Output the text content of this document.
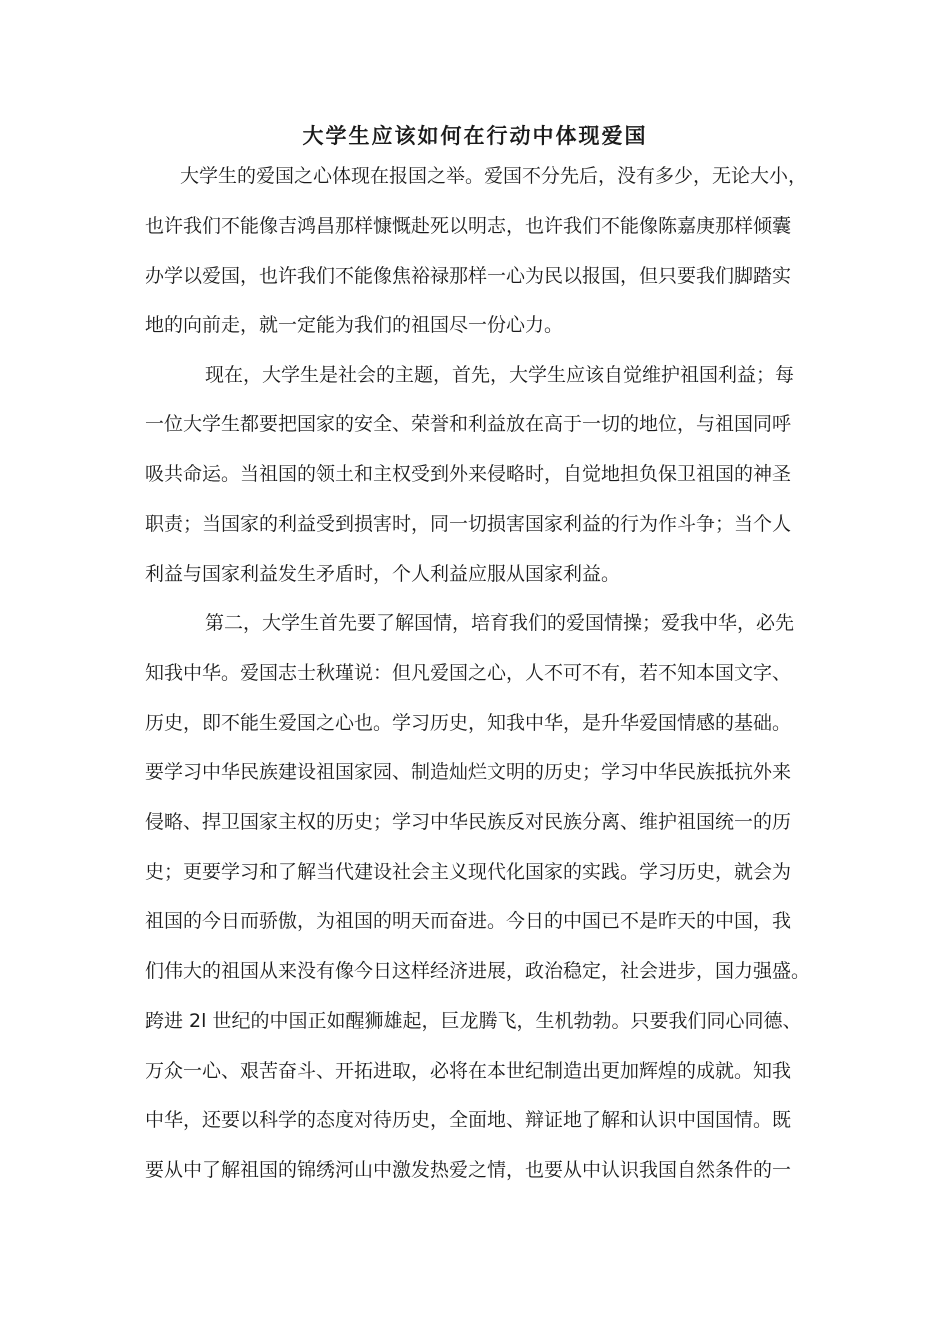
大学生应该如何在行动中体现爱国
大学生的爱国之心体现在报国之举。爱国不分先后，没有多少，无论大小，
也许我们不能像吉鸿昌那样慷慨赴死以明志，也许我们不能像陈嘉庚那样倾囊
办学以爱国，也许我们不能像焦裕禄那样一心为民以报国，但只要我们脚踏实
地的向前走，就一定能为我们的祖国尽一份心力。
现在，大学生是社会的主题，首先，大学生应该自觉维护祖国利益；每
一位大学生都要把国家的安全、荣誉和利益放在高于一切的地位，与祖国同呼
吸共命运。当祖国的领土和主权受到外来侵略时，自觉地担负保卫祖国的神圣
职责；当国家的利益受到损害时，同一切损害国家利益的行为作斗争；当个人
利益与国家利益发生矛盾时，个人利益应服从国家利益。
第二，大学生首先要了解国情，培育我们的爱国情操；爱我中华，必先
知我中华。爱国志士秋瑾说：但凡爱国之心，人不可不有，若不知本国文字、
历史，即不能生爱国之心也。学习历史，知我中华，是升华爱国情感的基础。
要学习中华民族建设祖国家园、制造灿烂文明的历史；学习中华民族抵抗外来
侵略、捍卫国家主权的历史；学习中华民族反对民族分离、维护祖国统一的历
史；更要学习和了解当代建设社会主义现代化国家的实践。学习历史，就会为
祖国的今日而骄傲，为祖国的明天而奋进。今日的中国已不是昨天的中国，我
们伟大的祖国从来没有像今日这样经济进展，政治稳定，社会进步，国力强盛。
跨进 2l 世纪的中国正如醒狮雄起，巨龙腾飞，生机勃勃。只要我们同心同德、
万众一心、艰苦奋斗、开拓进取，必将在本世纪制造出更加辉煌的成就。知我
中华，还要以科学的态度对待历史，全面地、辩证地了解和认识中国国情。既
要从中了解祖国的锦绣河山中激发热爱之情，也要从中认识我国自然条件的一
